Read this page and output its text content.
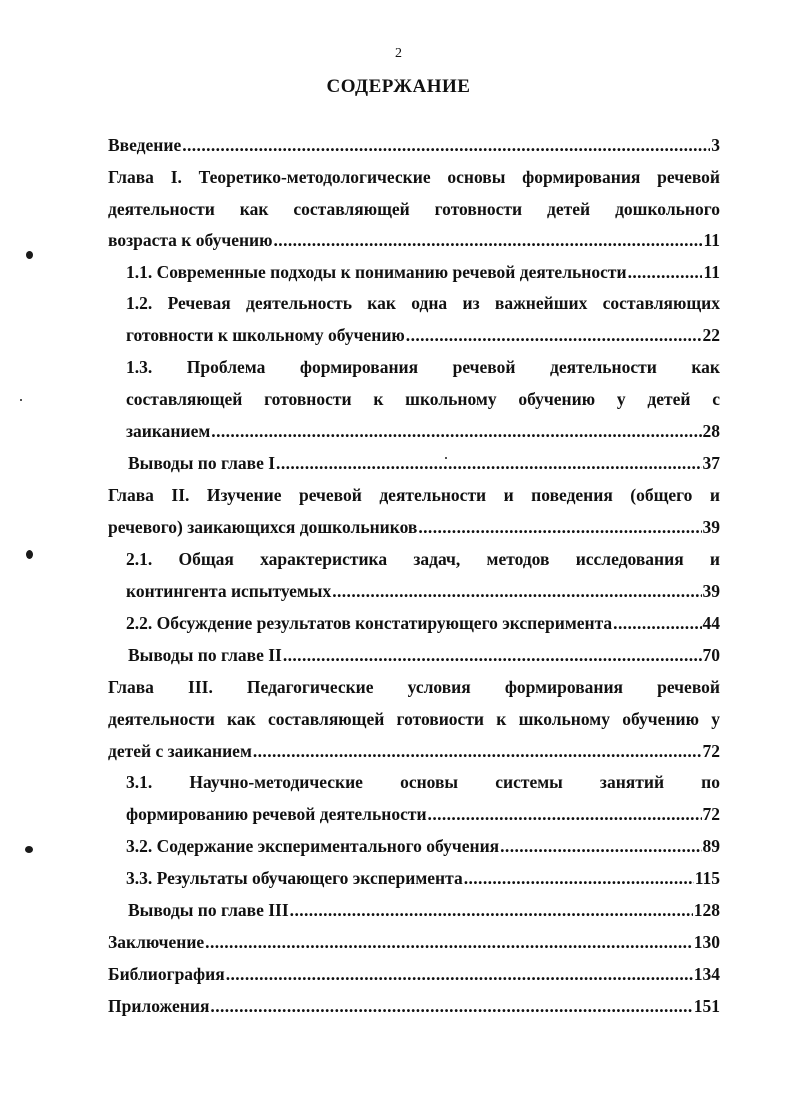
2
СОДЕРЖАНИЕ
Введение .....	3
Глава I. Теоретико-методологические основы формирования речевой
деятельности как составляющей готовности детей дошкольного
возраста к обучению .....	11
1.1. Современные подходы к пониманию речевой деятельности .....	11
1.2. Речевая деятельность как одна из важнейших составляющих
готовности к школьному обучению .....	22
1.3. Проблема формирования речевой деятельности как
составляющей готовности к школьному обучению у детей с
заиканием .....	28
Выводы по главе I .....	37
Глава II. Изучение речевой деятельности и поведения (общего и
речевого) заикающихся дошкольников .....	39
2.1. Общая характеристика задач, методов исследования и
контингента испытуемых .....	39
2.2. Обсуждение результатов констатирующего эксперимента .....	44
Выводы по главе II .....	70
Глава III. Педагогические условия формирования речевой
деятельности как составляющей готовиости к школьному обучению у
детей с заиканием .....	72
3.1. Научно-методические основы системы занятий по
формированию речевой деятельности .....	72
3.2. Содержание экспериментального обучения .....	89
3.3. Результаты обучающего эксперимента .....	115
Выводы по главе III .....	128
Заключение .....	130
Библиография .....	134
Приложения .....	151
